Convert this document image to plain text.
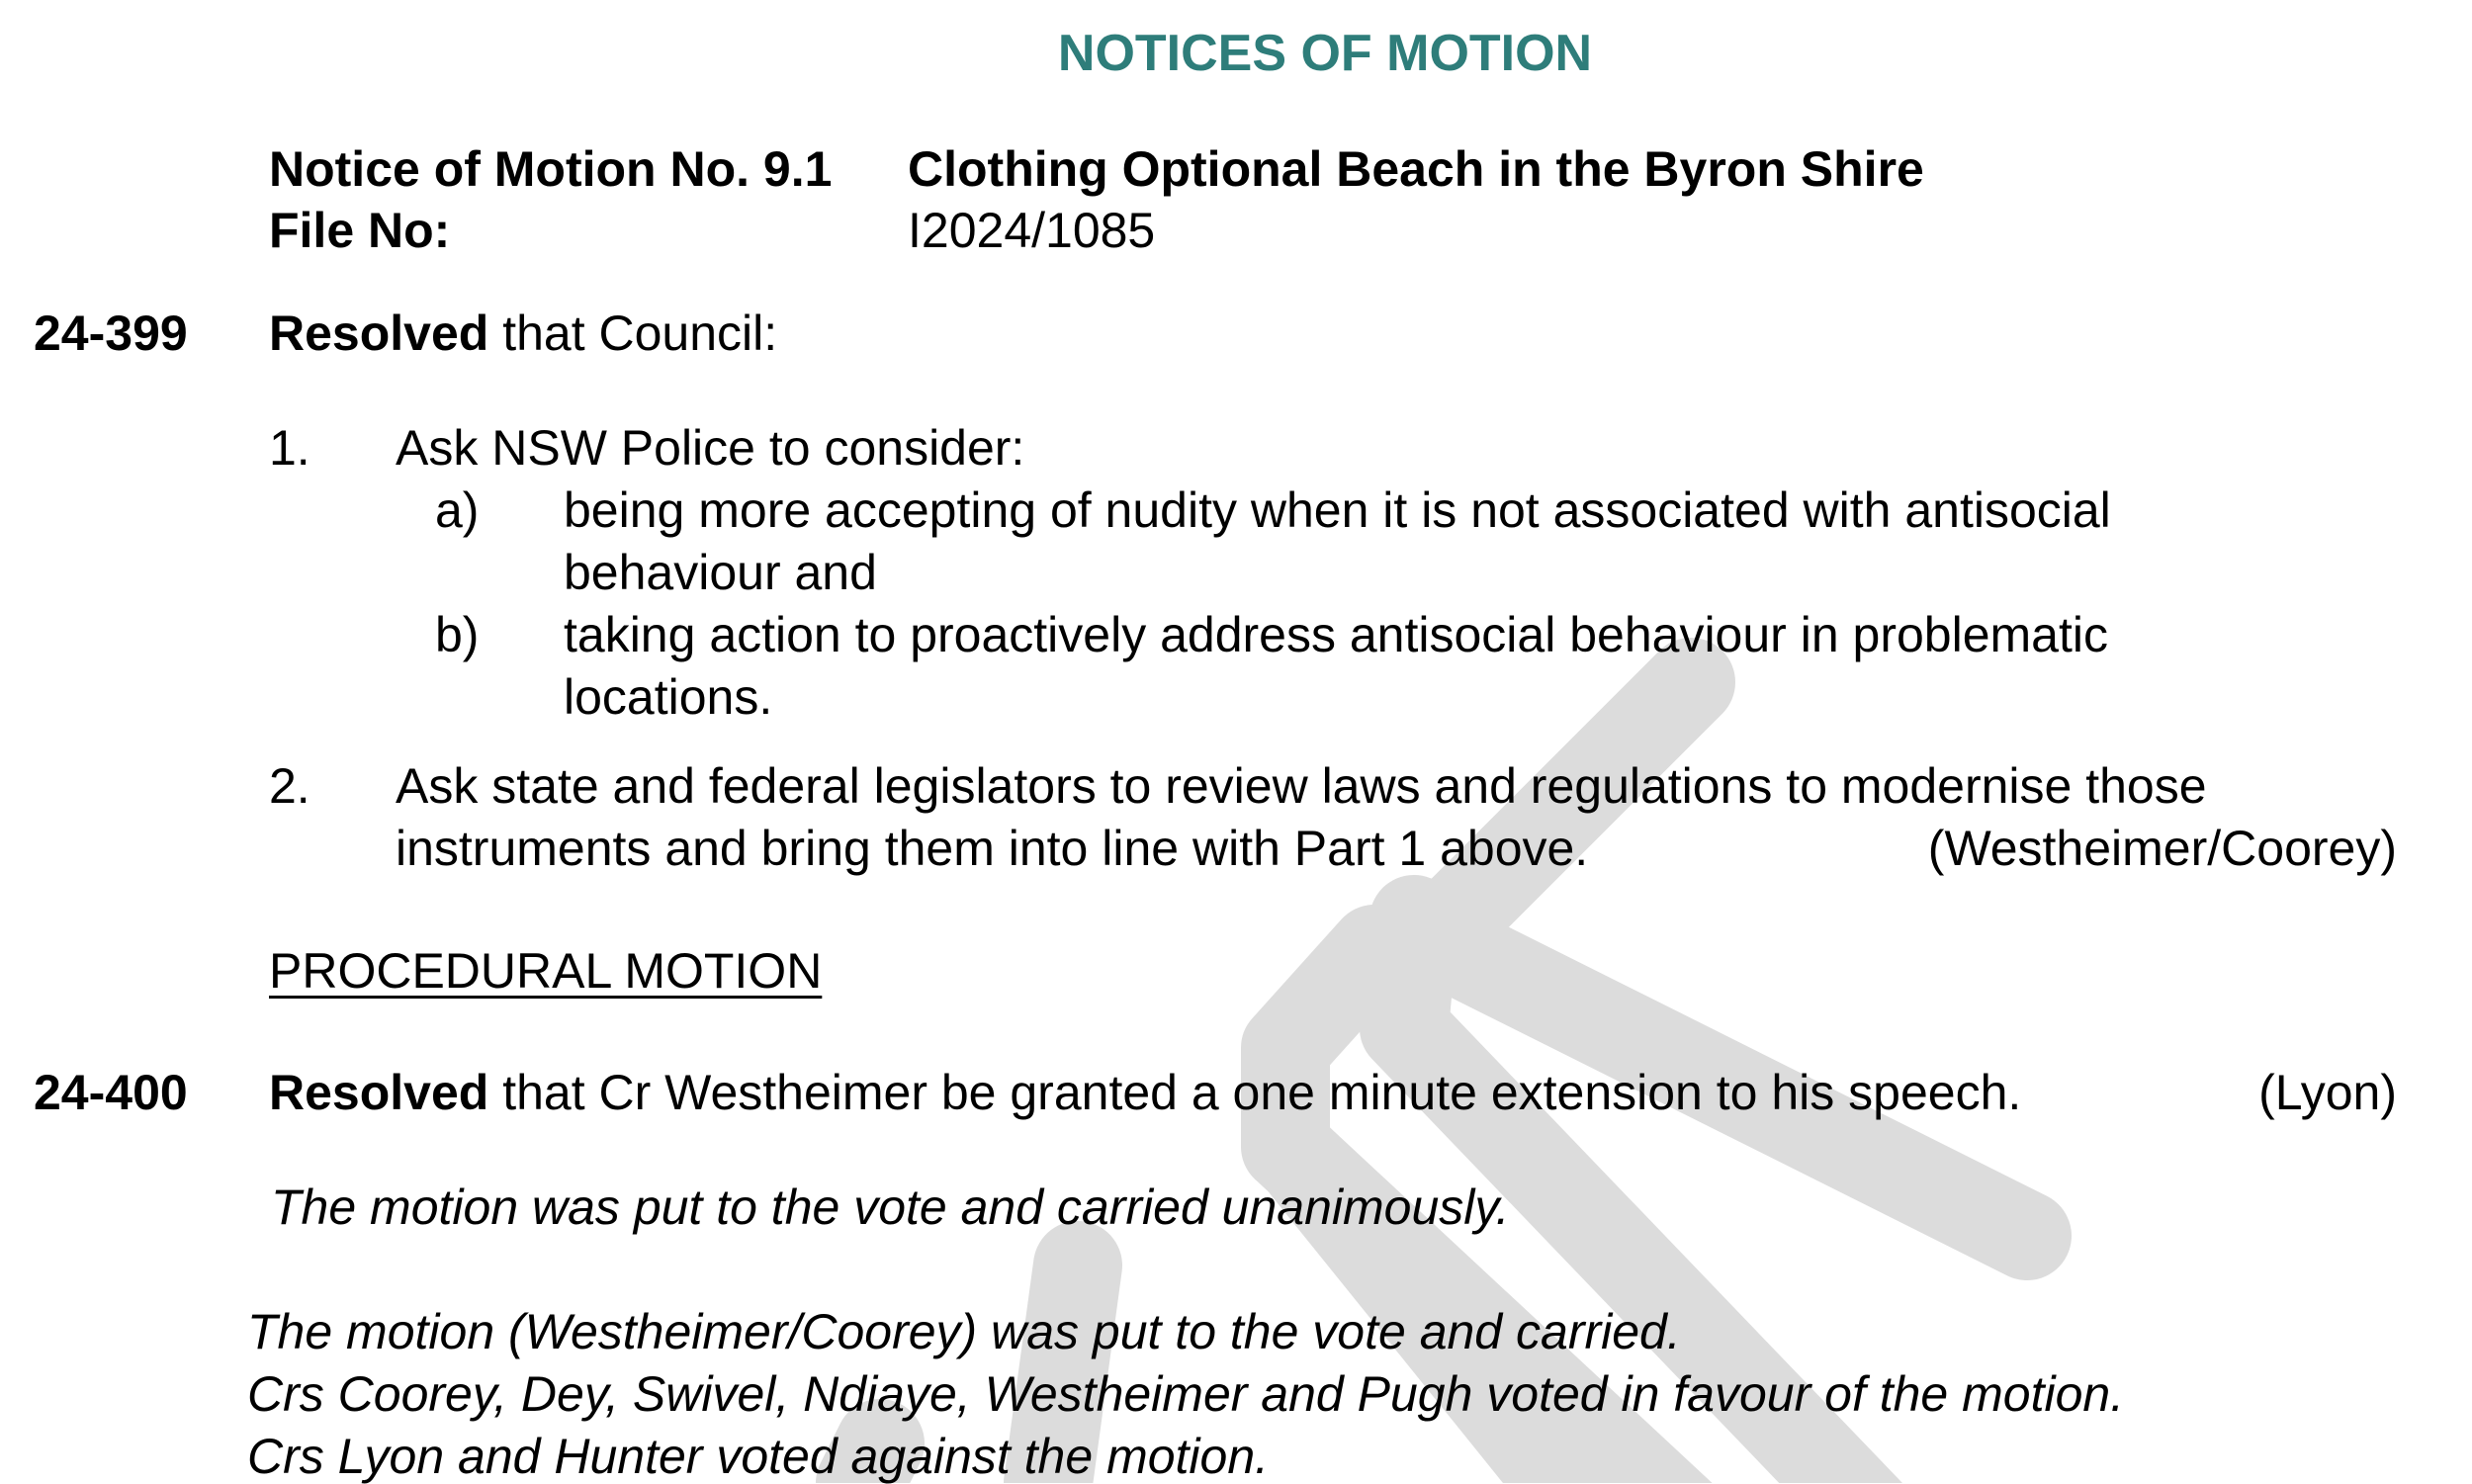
NOTICES OF MOTION
Notice of Motion No. 9.1 Clothing Optional Beach in the Byron Shire
File No:	I2024/1085
24-399 Resolved that Council:
1. Ask NSW Police to consider:
a) being more accepting of nudity when it is not associated with antisocial
behaviour and
b) taking action to proactively address antisocial behaviour in problematic
locations.
2. Ask state and federal legislators to review laws and regulations to modernise those
instruments and bring them into line with Part 1 above.	(Westheimer/Coorey)
PROCEDURAL MOTION
24-400 Resolved that Cr Westheimer be granted a one minute extension to his speech.	(Lyon)
The motion was put to the vote and carried unanimously.
The motion (Westheimer/Coorey) was put to the vote and carried.
Crs Coorey, Dey, Swivel, Ndiaye, Westheimer and Pugh voted in favour of the motion.
Crs Lyon and Hunter voted against the motion.
